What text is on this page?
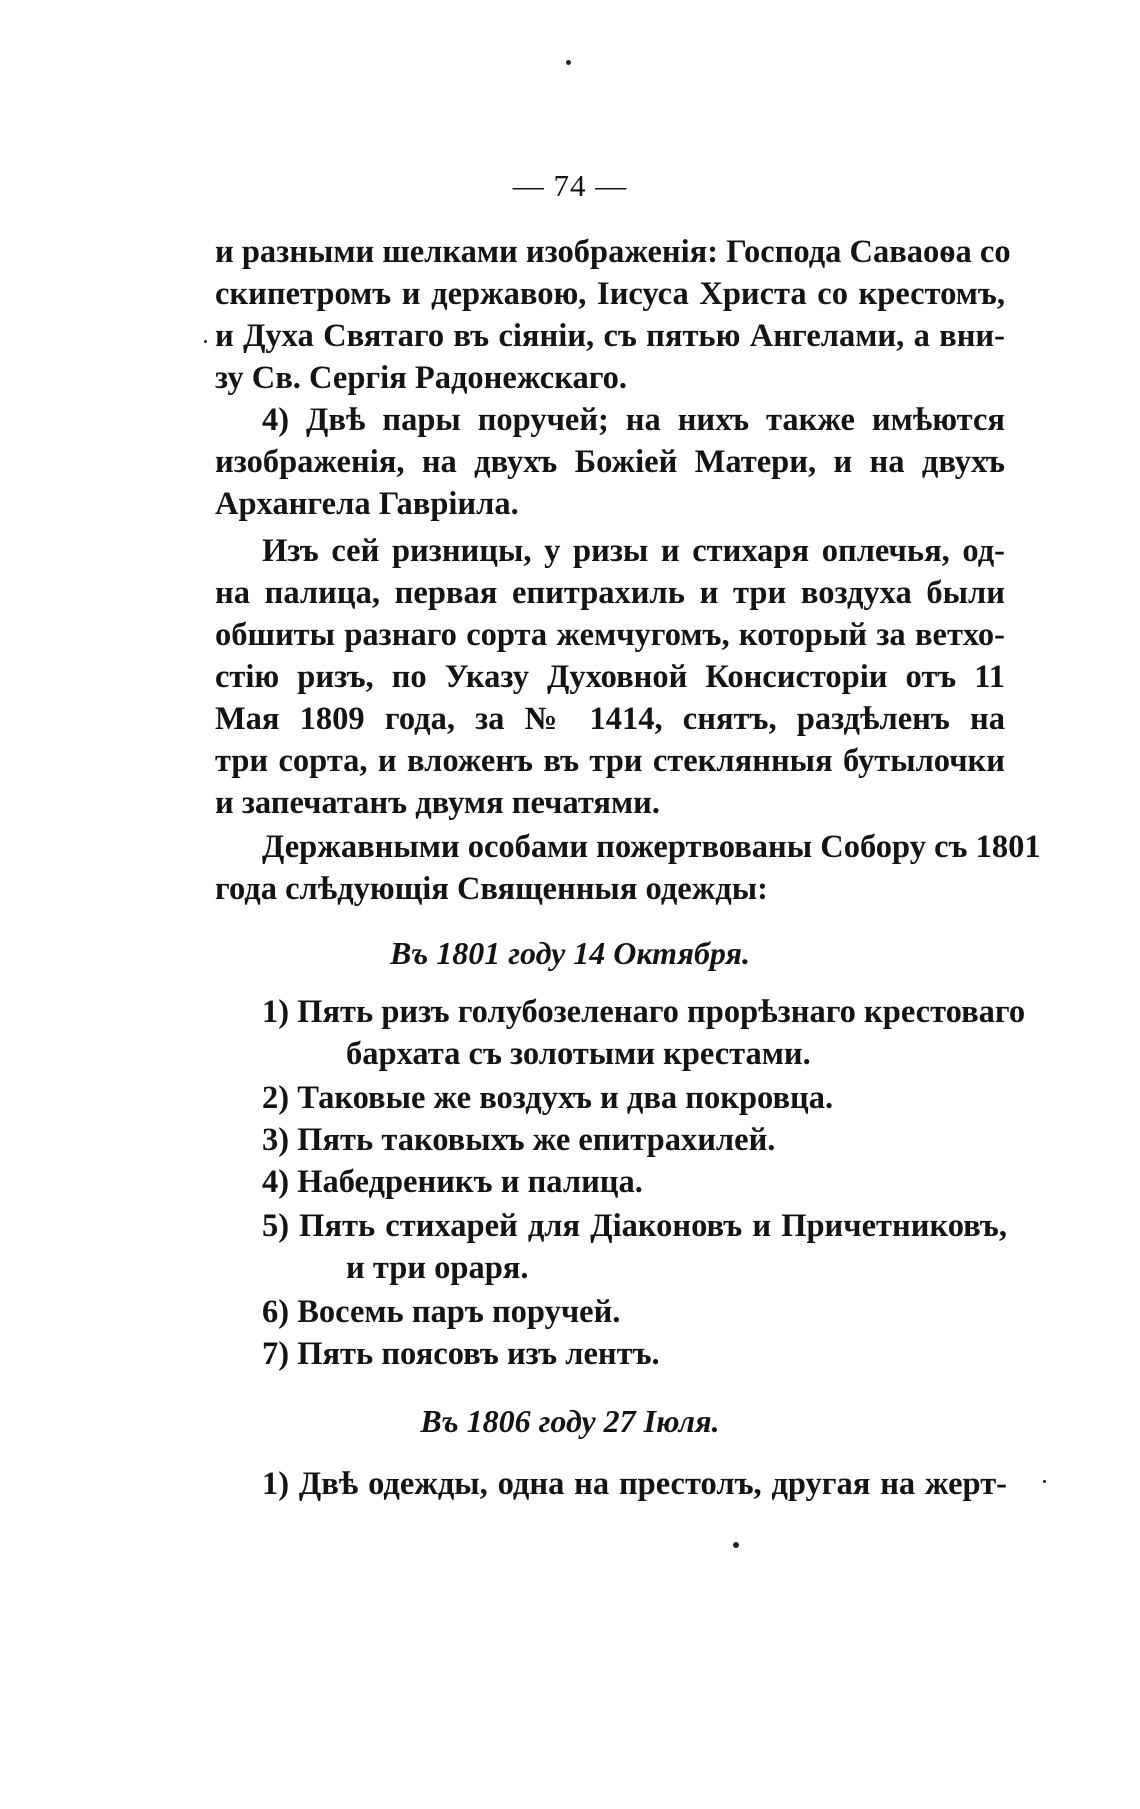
— 74 —
и разными шелками изображенія: Господа Саваоѳа со
скипетромъ и державою, Іисуса Христа со крестомъ,
и Духа Святаго въ сіяніи, съ пятью Ангелами, а вни-
зу Св. Сергія Радонежскаго.
4) Двѣ пары поручей; на нихъ также имѣются
изображенія, на двухъ Божіей Матери, и на двухъ
Архангела Гавріила.
Изъ сей ризницы, у ризы и стихаря оплечья, од-
на палица, первая епитрахиль и три воздуха были
обшиты разнаго сорта жемчугомъ, который за ветхо-
стію ризъ, по Указу Духовной Консисторіи отъ 11
Мая 1809 года, за № 1414, снятъ, раздѣленъ на
три сорта, и вложенъ въ три стеклянныя бутылочки
и запечатанъ двумя печатями.
Державными особами пожертвованы Собору съ 1801
года слѣдующія Священныя одежды:
Въ 1801 году 14 Октября.
1) Пять ризъ голубозеленаго прорѣзнаго крестоваго
бархата съ золотыми крестами.
2) Таковые же воздухъ и два покровца.
3) Пять таковыхъ же епитрахилей.
4) Набедреникъ и палица.
5) Пять стихарей для Діаконовъ и Причетниковъ,
и три ораря.
6) Восемь паръ поручей.
7) Пять поясовъ изъ лентъ.
Въ 1806 году 27 Іюля.
1) Двѣ одежды, одна на престолъ, другая на жерт-
